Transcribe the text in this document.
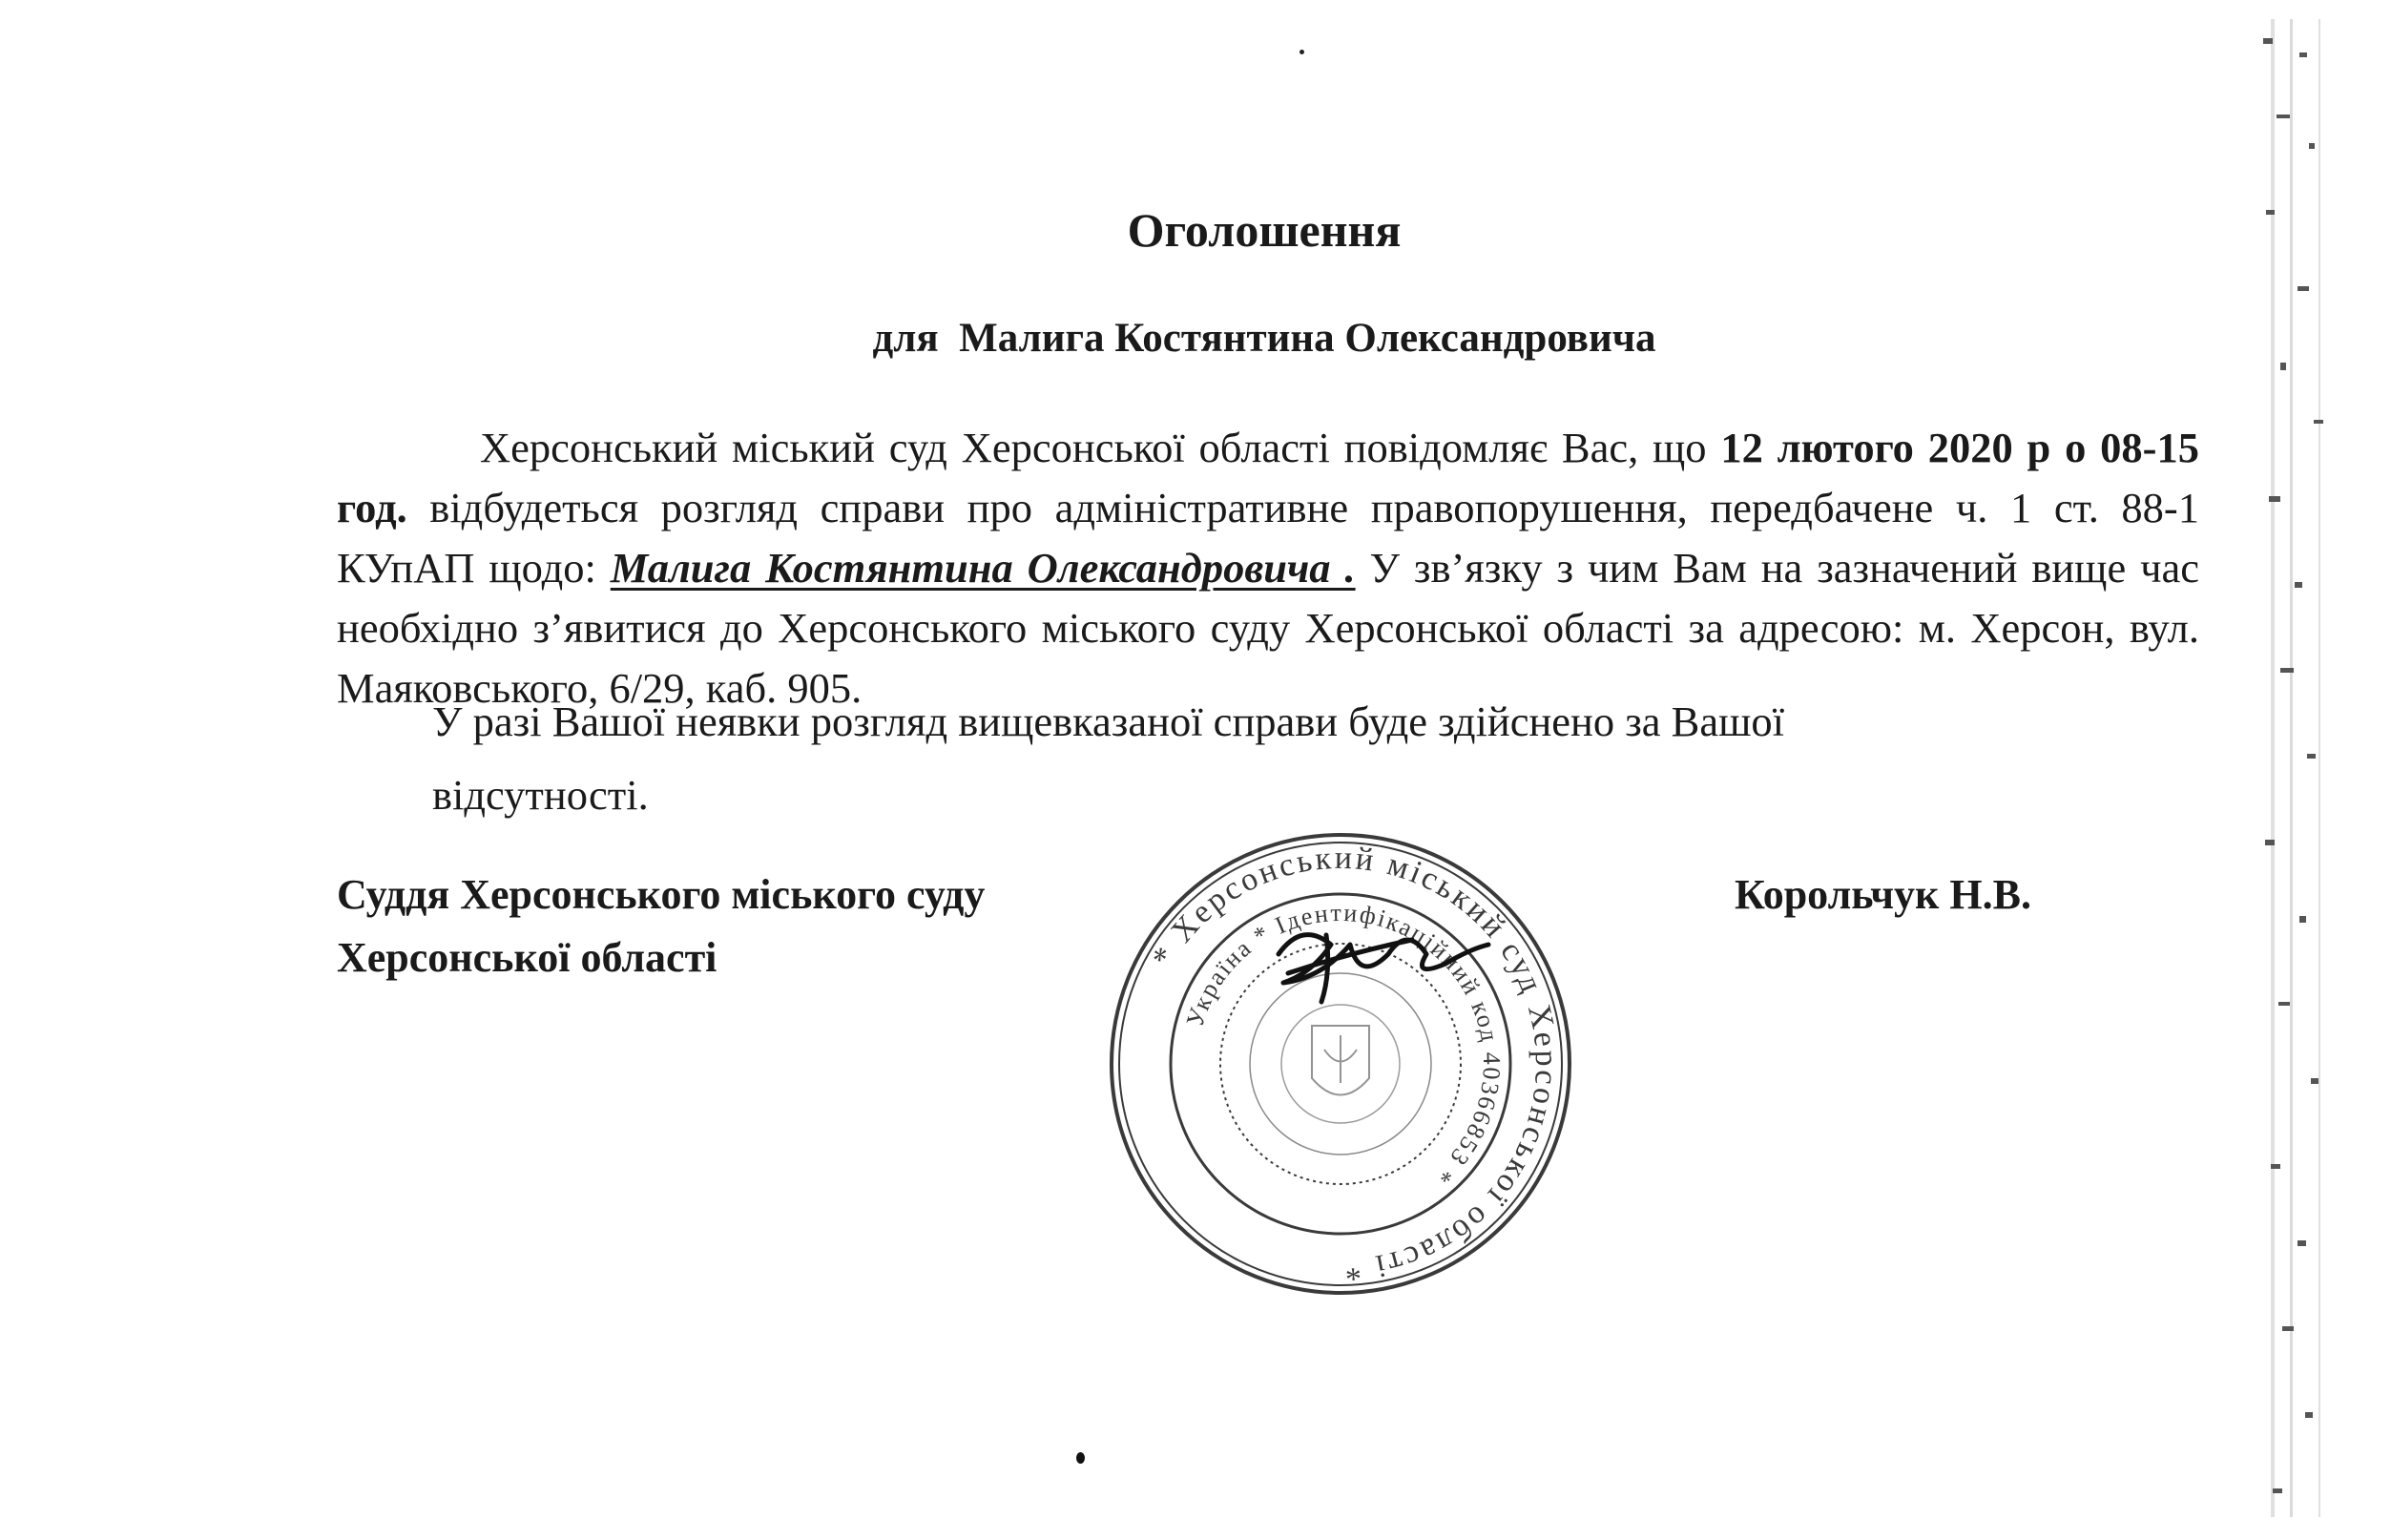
Оголошення
для  Малига Костянтина Олександровича
Херсонський міський суд Херсонської області повідомляє Вас, що 12 лютого 2020 р о 08-15 год. відбудеться розгляд справи про адміністративне правопорушення, передбачене ч. 1 ст. 88-1 КУпАП щодо: Малига Костянтина Олександровича . У зв’язку з чим Вам на зазначений вище час необхідно з’явитися до Херсонського міського суду Херсонської області за адресою: м. Херсон, вул. Маяковського, 6/29, каб. 905.
У разі Вашої неявки розгляд вищевказаної справи буде здійснено за Вашої
відсутності.
Суддя Херсонського міського суду
Херсонської області
Корольчук Н.В.
* Херсонський міський суд Херсонської області *
Україна * Ідентифікаційний код 40366853 *
